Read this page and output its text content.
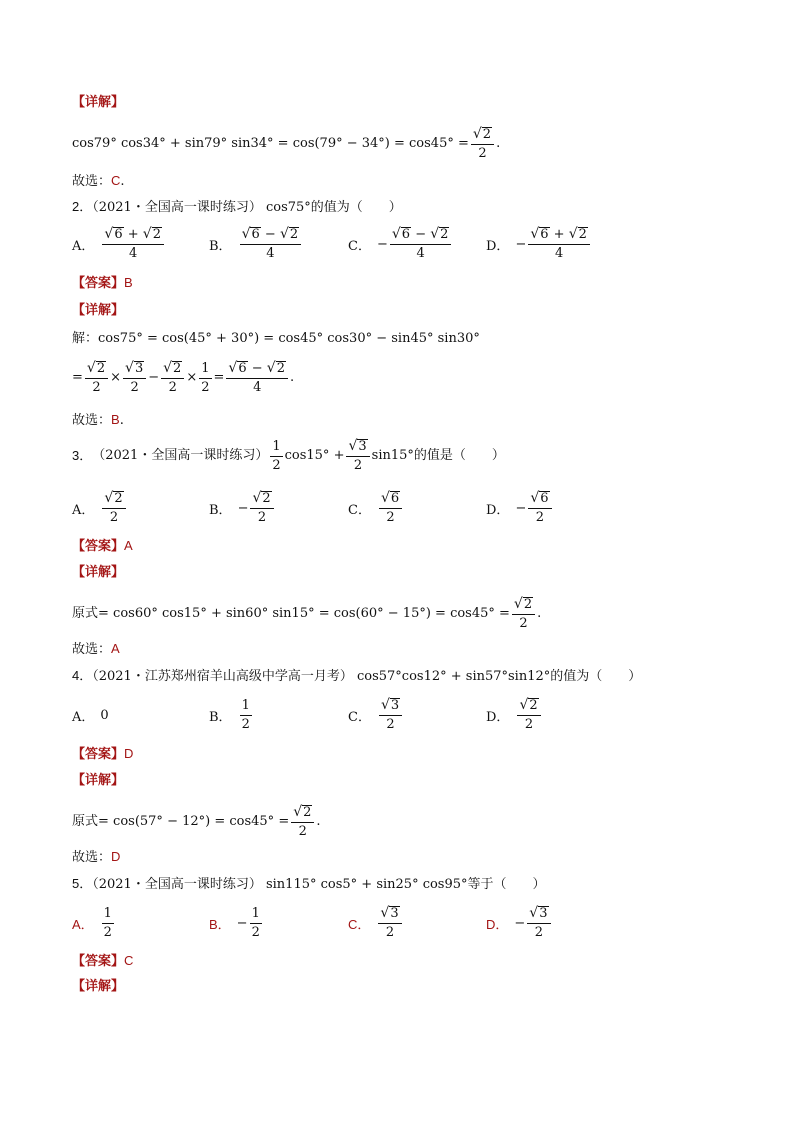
【详解】
cos79° cos34° + sin79° $\sin 34^\circ = \cos(79^\circ - 34^\circ) = \cos 45^\circ = \frac{√ 2}{2}$ .
故选：C.
2．（2021・全国高一课时练习） cos75°的值为（　　）
A． $\frac{√ 6 + √ 2}{4}$	B． $\frac{√ 6 - √ 2}{4}$	C． − $\frac{√ 6 - √ 2}{4}$	D． − $\frac{√ 6 + √ 2}{4}$
【答案】B
【详解】
解：cos75° = cos(45° + 30°) = cos45° cos30° − sin45° sin30°
= $\frac{√ 2}{2} \times \frac{√ 3}{2} - \frac{√ 2}{2} \times \frac{1}{2} = \frac{√ 6 - √ 2}{4}$ .
故选：B.
3． （2021・全国高一课时练习） $\frac{1}{2} \cos 15^\circ + \frac{√ 3}{2} \sin 15^\circ$ 的值是（　　）
A． $\frac{√ 2}{2}$	B． − $\frac{√ 2}{2}$	C． $\frac{√ 6}{2}$	D． − $\frac{√ 6}{2}$
【答案】A
【详解】
原式 = cos60° cos15° + sin60° $\sin 15^\circ = \cos(60^\circ - 15^\circ) = \cos 45^\circ = \frac{√ 2}{2}$ .
故选：A
4．（2021・江苏郑州宿羊山高级中学高一月考） cos57°cos12° + sin57°sin12°的值为（　　）
A． 0	B． $\frac{1}{2}$	C． $\frac{√ 3}{2}$	D． $\frac{√ 2}{2}$
【答案】D
【详解】
原式 = $\cos(57^\circ - 12^\circ) = \cos 45^\circ = \frac{√ 2}{2}$ .
故选：D
5．（2021・全国高一课时练习） sin115° cos5° + sin25° cos95°等于（　　）
A． $\frac{1}{2}$	B． − $\frac{1}{2}$	C． $\frac{√ 3}{2}$	D． − $\frac{√ 3}{2}$
【答案】C
【详解】
